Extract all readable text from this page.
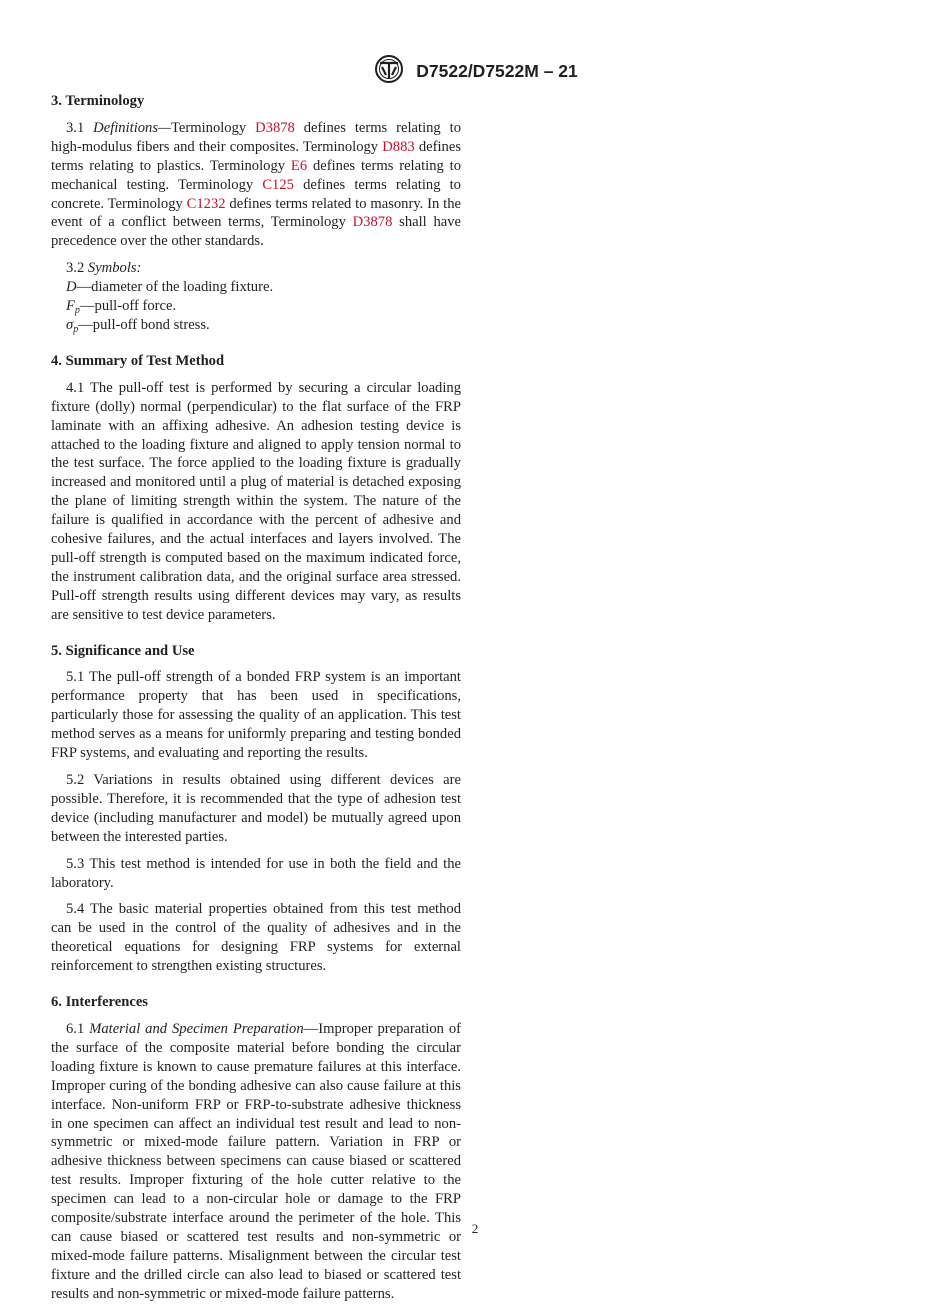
D7522/D7522M – 21
3. Terminology

3.1 Definitions—Terminology D3878 defines terms relating to high-modulus fibers and their composites. Terminology D883 defines terms relating to plastics. Terminology E6 defines terms relating to mechanical testing. Terminology C125 defines terms relating to concrete. Terminology C1232 defines terms related to masonry. In the event of a conflict between terms, Terminology D3878 shall have precedence over the other standards.

3.2 Symbols:

D—diameter of the loading fixture.

$F_p—pull$-off force.

$\sigma_p—pull$-off bond stress.

4. Summary of Test Method

4.1 The pull-off test is performed by securing a circular loading fixture (dolly) normal (perpendicular) to the flat surface of the FRP laminate with an affixing adhesive. An adhesion testing device is attached to the loading fixture and aligned to apply tension normal to the test surface. The force applied to the loading fixture is gradually increased and monitored until a plug of material is detached exposing the plane of limiting strength within the system. The nature of the failure is qualified in accordance with the percent of adhesive and cohesive failures, and the actual interfaces and layers involved. The pull-off strength is computed based on the maximum indicated force, the instrument calibration data, and the original surface area stressed. Pull-off strength results using different devices may vary, as results are sensitive to test device parameters.

5. Significance and Use

5.1 The pull-off strength of a bonded FRP system is an important performance property that has been used in specifications, particularly those for assessing the quality of an application. This test method serves as a means for uniformly preparing and testing bonded FRP systems, and evaluating and reporting the results.

5.2 Variations in results obtained using different devices are possible. Therefore, it is recommended that the type of adhesion test device (including manufacturer and model) be mutually agreed upon between the interested parties.

5.3 This test method is intended for use in both the field and the laboratory.

5.4 The basic material properties obtained from this test method can be used in the control of the quality of adhesives and in the theoretical equations for designing FRP systems for external reinforcement to strengthen existing structures.

6. Interferences

6.1 Material and Specimen Preparation—Improper preparation of the surface of the composite material before bonding the circular loading fixture is known to cause premature failures at this interface. Improper curing of the bonding adhesive can also cause failure at this interface. Non-uniform FRP or FRP-to-substrate adhesive thickness in one specimen can affect an individual test result and lead to non-symmetric or mixed-mode failure pattern. Variation in FRP or adhesive thickness between specimens can cause biased or scattered test results. Improper fixturing of the hole cutter relative to the specimen can lead to a non-circular hole or damage to the FRP composite/substrate interface around the perimeter of the hole. This can cause biased or scattered test results and non-symmetric or mixed-mode failure patterns. Misalignment between the circular test fixture and the drilled circle can also lead to biased or scattered test results and non-symmetric or mixed-mode failure patterns.

2
